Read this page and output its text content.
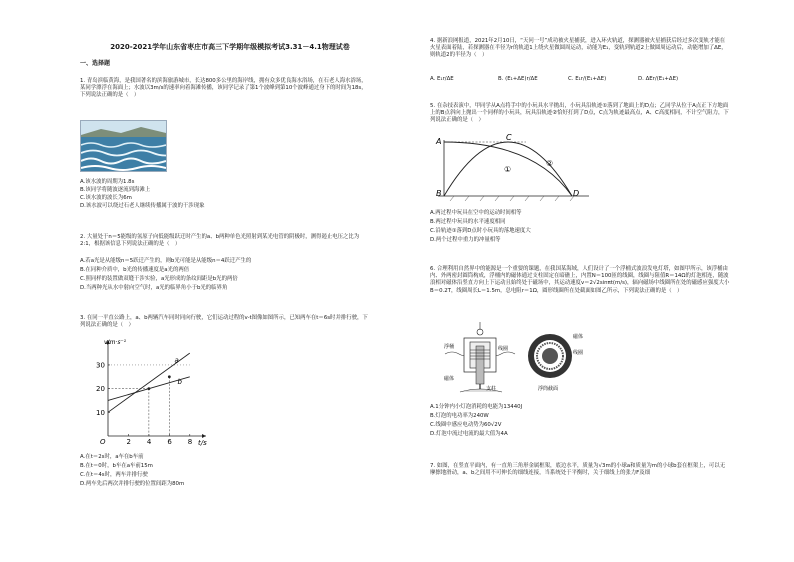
2020-2021学年山东省枣庄市高三下学期年级模拟考试3.31－4.1物理试卷
一、选择题
1. 青岛滨临黄海，是我国著名的滨海旅游城市，长达800多公里的海岸线，拥有众多优良海水浴场，在石老人海水浴场，某同学漂浮在海面上；水波以3m/s的速率向着海滩传播，该同学记录了第1个波峰到第10个波峰通过身下的时间为18s，下列说法正确的是（　）
A.该水波的周期为1.8s
B.该同学将随波逐流到海滩上
C.该水波的波长为6m
D.该水波可以绕过石老人继续传播属于波的干涉现象
2. 大量处于n＝5能级的氢原子向低能级跃迁时产生的a、b两种单色光照射到某光电管的阴极时，测得遏止电压之比为2:1，根据该信息下列说法正确的是（　）
A.若a光是从能级n＝5跃迁产生的，则b光可能是从能级n＝4跃迁产生的
B.在同种介质中，b光的传播速度是a光的两倍
C.照同样的装置做双缝干涉实验，a光形成的条纹间距是b光的两倍
D.当两种光从水中射向空气时，a光的临界角小于b光的临界角
3. 在同一平直公路上，a、b两辆汽车同时同向行驶，它们运动过程的v-t图像如图所示，已知两车在t＝6s时并排行驶，下列说法正确的是（　）
O	t/s
v/m·s⁻¹
2 4 6 8
10
20
30
a
b
A.在t＝2s时，a车在b车前
B.在t＝0时，b车在a车前15m
C.在t＝4s时，两车并排行驶
D.两车先后两次并排行驶的位置间距为80m
4. 据新浪网报道，2021年2月10日，“天问一号”成功被火星捕获，进入环火轨道，探测器被火星捕获后经过多次变轨才能在火星表面着陆，若探测器在半径为r的轨道1上绕火星做圆周运动，动能为E₁，变轨到轨道2上做圆周运动后，动能增加了ΔE，则轨道2的半径为（　）
A. E₁r/ΔE	B. (E₁+ΔE)r/ΔE	C. E₁r/(E₁+ΔE)	D. ΔEr/(E₁+ΔE)
5. 在杂技表演中，甲同学从A点将手中的小玩具水平抛出，小玩具沿轨迹①落到了地面上的D点；乙同学从位于A点正下方地面上的B点斜向上抛出一个同样的小玩具，玩具沿轨迹②恰好打到了D点，C点为轨迹最高点，A、C高度相同，不计空气阻力，下列说法正确的是（　）
A
B
C
D
①
②
A.两过程中玩具在空中的运动时间相等
B.两过程中玩具的水平速度相同
C.沿轨迹①落到D点时小玩具的落地速度大
D.两个过程中重力的冲量相等
6. 合理利用自然界中的能源是一个重要的课题，在我国某海域，人们设计了一个浮桶式波浪发电灯塔，如图甲所示，该浮桶由内、外两密封圆筒构成，浮桶内的磁体通过支柱固定在暗礁上，内置N＝100匝的线圈，线圈与阻值R＝14Ω的灯泡相连，随波浪相对磁体沿竖直方向上下运动且始终处于磁场中，其运动速度v＝2√2sinπt(m/s)，辐向磁场中线圈所在处的磁感应强度大小B＝0.2T，线圈周长L＝1.5m，总电阻r＝1Ω，圆形线圈所在处截面如图乙所示，下列说法正确的是（　）
浮桶	线圈
磁体
支柱
磁体
线圈
浮筒截面
A.1分钟内小灯泡消耗的电能为13440J
B.灯泡的电功率为240W
C.线圈中感应电动势为60√2V
D.灯泡中流过电流的最大值为4A
7. 如图，在竖直平面内，有一直角三角形金属框架，底边水平，质量为√3m的小球a和质量为m的小球b套在框架上，可以无摩擦地滑动，a、b之间用不可伸长的细线连接，当系统处于平衡时，关于细线上的张力F及细
